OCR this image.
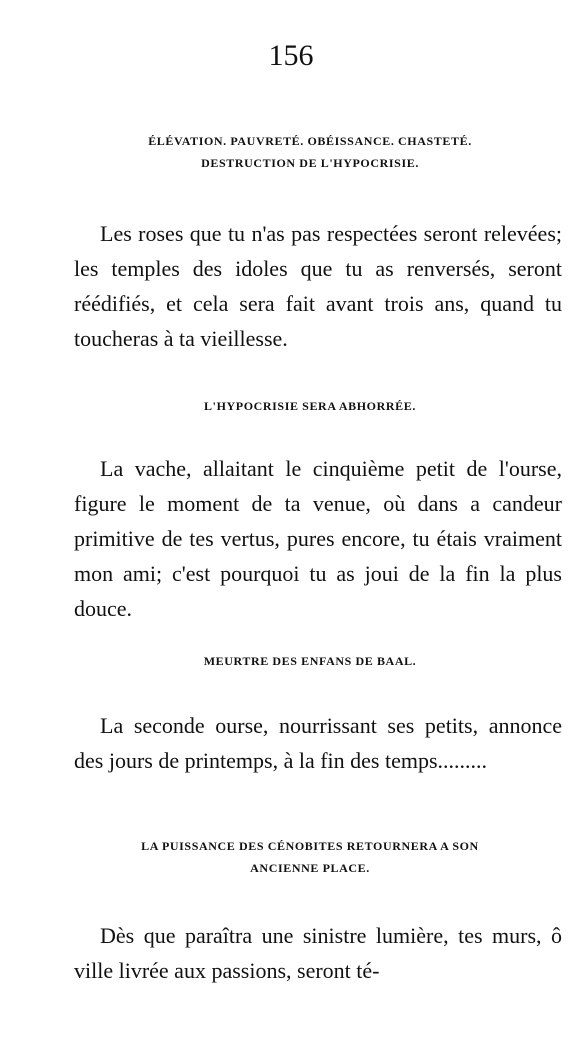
156
ÉLÉVATION. PAUVRETÉ. OBÉISSANCE. CHASTETÉ.
DESTRUCTION DE L'HYPOCRISIE.
Les roses que tu n'as pas respectées seront relevées; les temples des idoles que tu as renversés, seront réédifiés, et cela sera fait avant trois ans, quand tu toucheras à ta vieillesse.
L'HYPOCRISIE SERA ABHORRÉE.
La vache, allaitant le cinquième petit de l'ourse, figure le moment de ta venue, où dans a candeur primitive de tes vertus, pures encore, tu étais vraiment mon ami; c'est pourquoi tu as joui de la fin la plus douce.
MEURTRE DES ENFANS DE BAAL.
La seconde ourse, nourrissant ses petits, annonce des jours de printemps, à la fin des temps.........
LA PUISSANCE DES CÉNOBITES RETOURNERA A SON
ANCIENNE PLACE.
Dès que paraîtra une sinistre lumière, tes murs, ô ville livrée aux passions, seront té-
